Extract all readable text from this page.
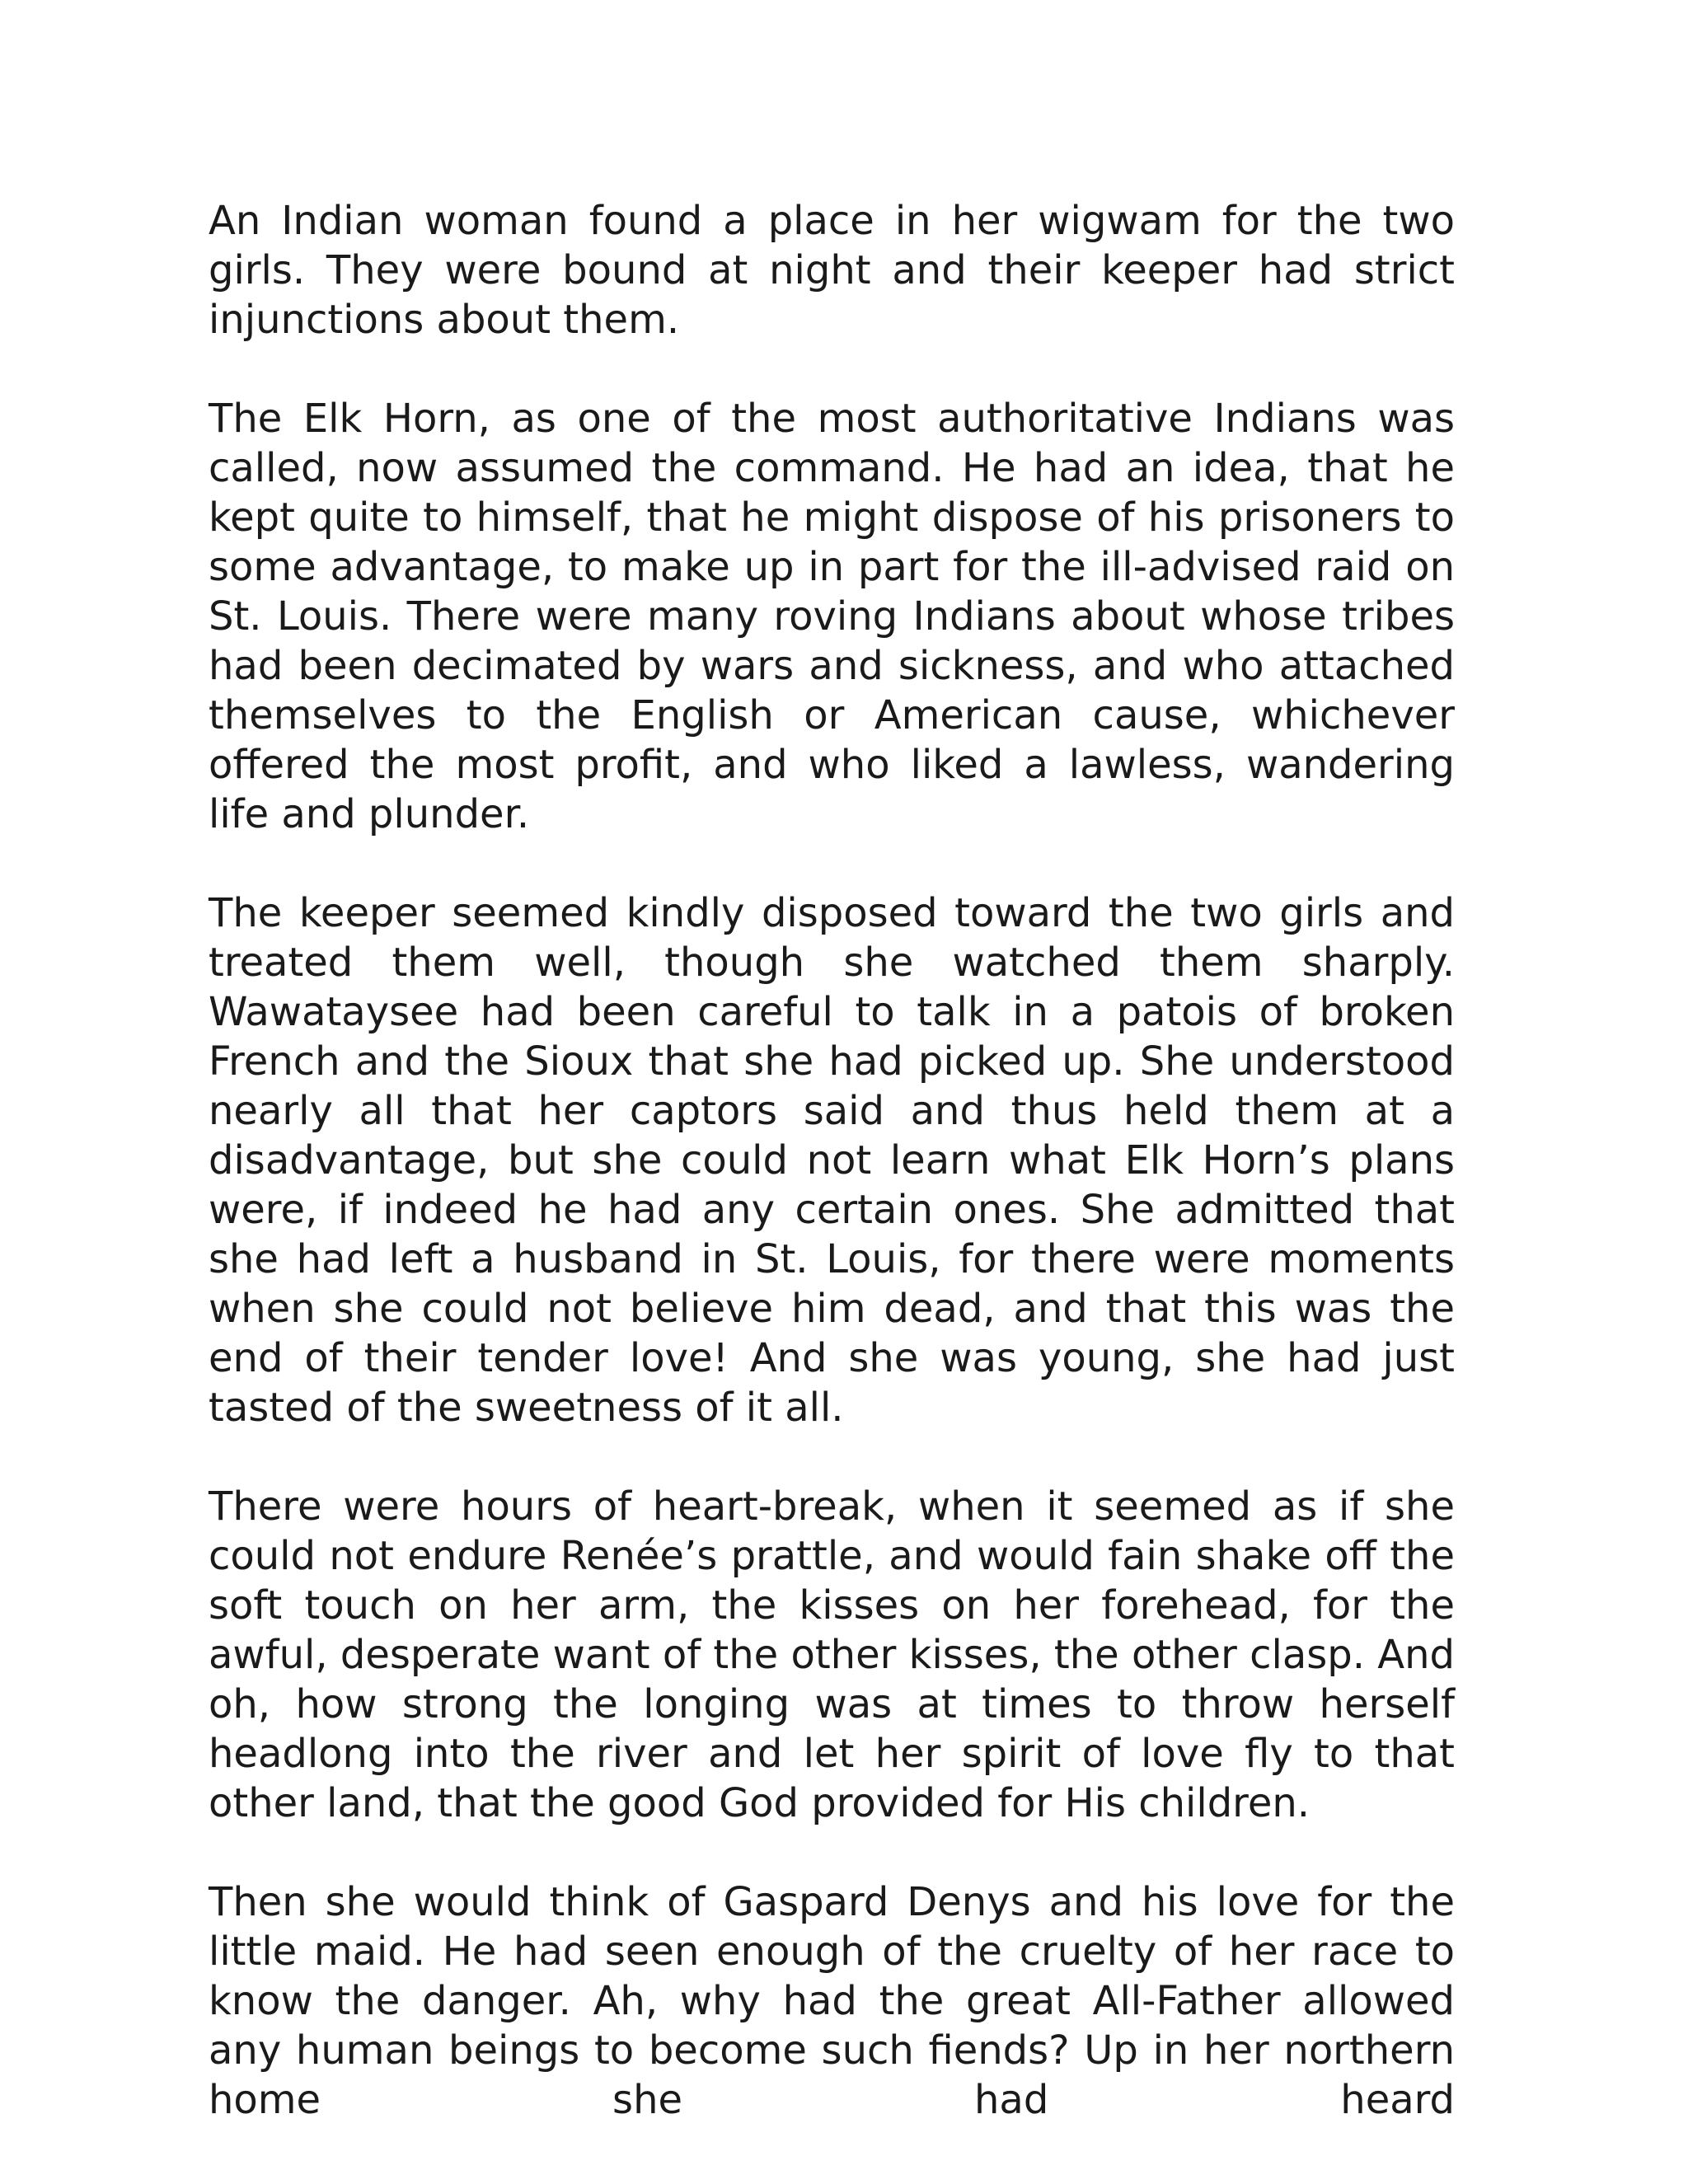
An Indian woman found a place in her wigwam for the two girls. They were bound at night and their keeper had strict injunctions about them.

The Elk Horn, as one of the most authoritative Indians was called, now assumed the command. He had an idea, that he kept quite to himself, that he might dispose of his prisoners to some advantage, to make up in part for the ill-advised raid on St. Louis. There were many roving Indians about whose tribes had been decimated by wars and sickness, and who attached themselves to the English or American cause, whichever offered the most profit, and who liked a lawless, wandering life and plunder.

The keeper seemed kindly disposed toward the two girls and treated them well, though she watched them sharply. Wawataysee had been careful to talk in a patois of broken French and the Sioux that she had picked up. She understood nearly all that her captors said and thus held them at a disadvantage, but she could not learn what Elk Horn’s plans were, if indeed he had any certain ones. She admitted that she had left a husband in St. Louis, for there were moments when she could not believe him dead, and that this was the end of their tender love! And she was young, she had just tasted of the sweetness of it all.

There were hours of heart-break, when it seemed as if she could not endure Renée’s prattle, and would fain shake off the soft touch on her arm, the kisses on her forehead, for the awful, desperate want of the other kisses, the other clasp. And oh, how strong the longing was at times to throw herself headlong into the river and let her spirit of love fly to that other land, that the good God provided for His children.

Then she would think of Gaspard Denys and his love for the little maid. He had seen enough of the cruelty of her race to know the danger. Ah, why had the great All-Father allowed any human beings to become such fiends? Up in her northern home she had heard
